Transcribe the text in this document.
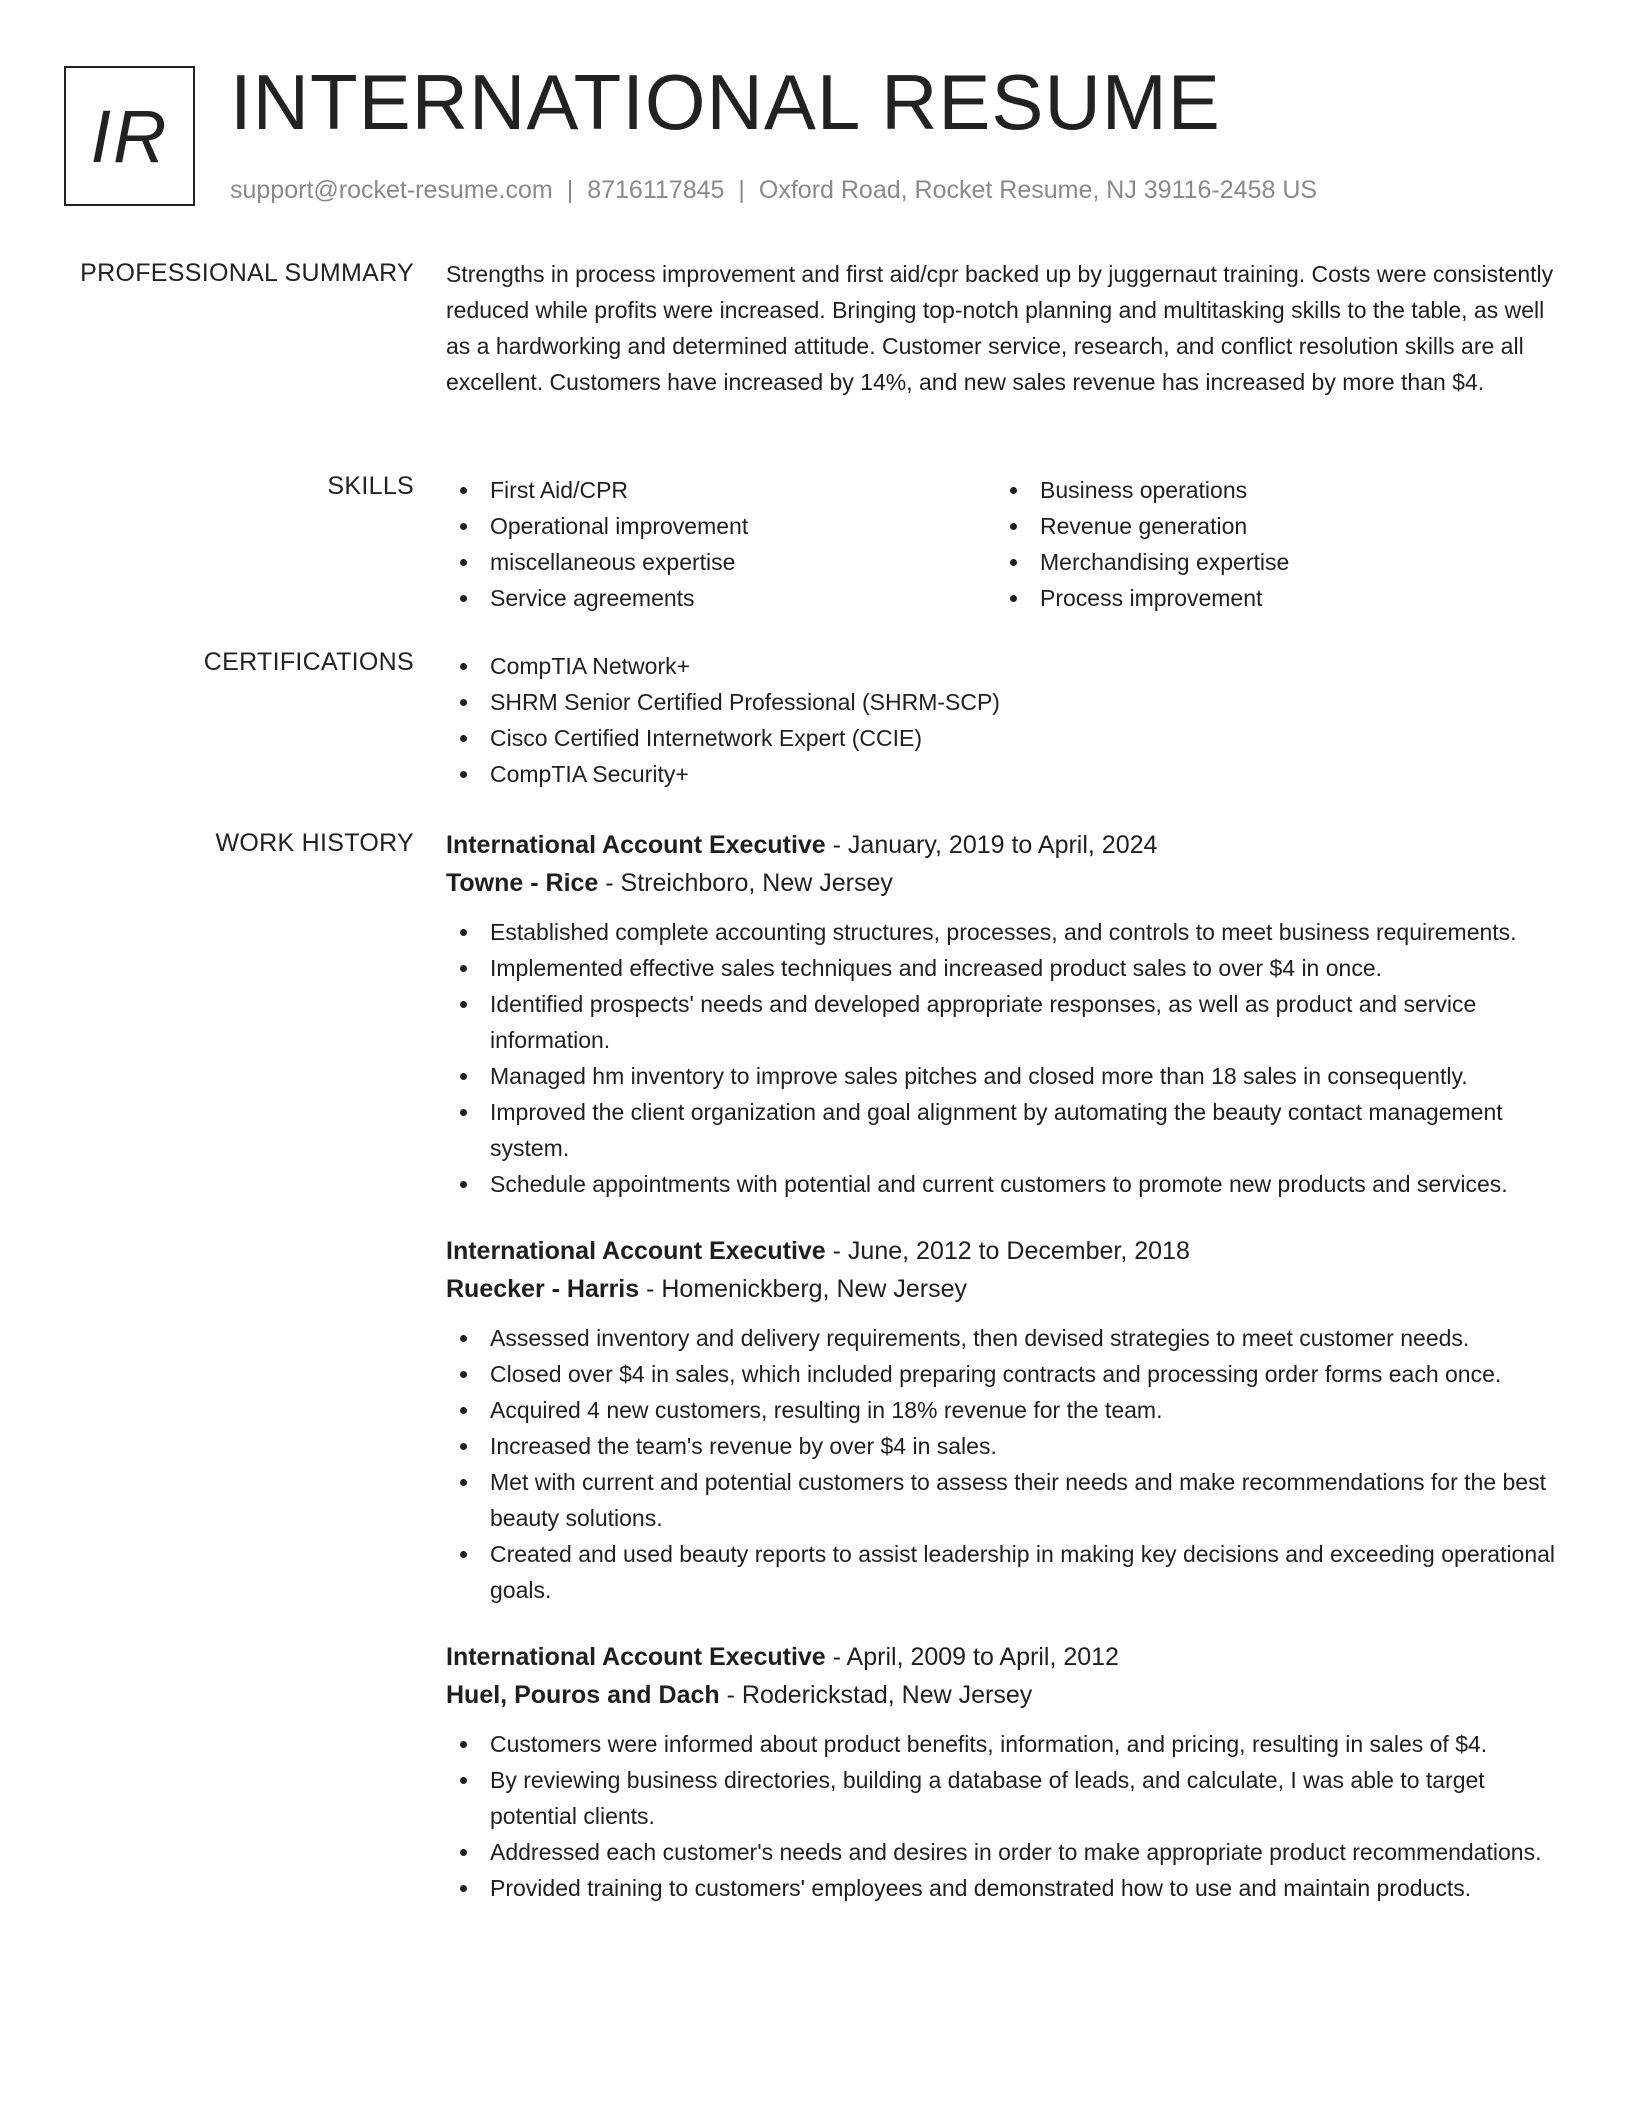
IR INTERNATIONAL RESUME
support@rocket-resume.com | 8716117845 | Oxford Road, Rocket Resume, NJ 39116-2458 US
PROFESSIONAL SUMMARY Strengths in process improvement and first aid/cpr backed up by juggernaut training. Costs were consistently reduced while profits were increased. Bringing top-notch planning and multitasking skills to the table, as well as a hardworking and determined attitude. Customer service, research, and conflict resolution skills are all excellent. Customers have increased by 14%, and new sales revenue has increased by more than $4.

SKILLS	First Aid/CPR
Operational improvement
miscellaneous expertise
Service agreements
Business operations
Revenue generation
Merchandising expertise
Process improvement
CERTIFICATIONS	CompTIA Network+
SHRM Senior Certified Professional (SHRM-SCP)
Cisco Certified Internetwork Expert (CCIE)
CompTIA Security+
WORK HISTORY International Account Executive - January, 2019 to April, 2024
Towne - Rice - Streichboro, New Jersey
Established complete accounting structures, processes, and controls to meet business requirements.
Implemented effective sales techniques and increased product sales to over $4 in once.
Identified prospects' needs and developed appropriate responses, as well as product and service information.
Managed hm inventory to improve sales pitches and closed more than 18 sales in consequently.
Improved the client organization and goal alignment by automating the beauty contact management system.
Schedule appointments with potential and current customers to promote new products and services.
International Account Executive - June, 2012 to December, 2018
Ruecker - Harris - Homenickberg, New Jersey
Assessed inventory and delivery requirements, then devised strategies to meet customer needs.
Closed over $4 in sales, which included preparing contracts and processing order forms each once.
Acquired 4 new customers, resulting in 18% revenue for the team.
Increased the team's revenue by over $4 in sales.
Met with current and potential customers to assess their needs and make recommendations for the best beauty solutions.
Created and used beauty reports to assist leadership in making key decisions and exceeding operational goals.
International Account Executive - April, 2009 to April, 2012
Huel, Pouros and Dach - Roderickstad, New Jersey
Customers were informed about product benefits, information, and pricing, resulting in sales of $4.
By reviewing business directories, building a database of leads, and calculate, I was able to target potential clients.
Addressed each customer's needs and desires in order to make appropriate product recommendations.
Provided training to customers' employees and demonstrated how to use and maintain products.
